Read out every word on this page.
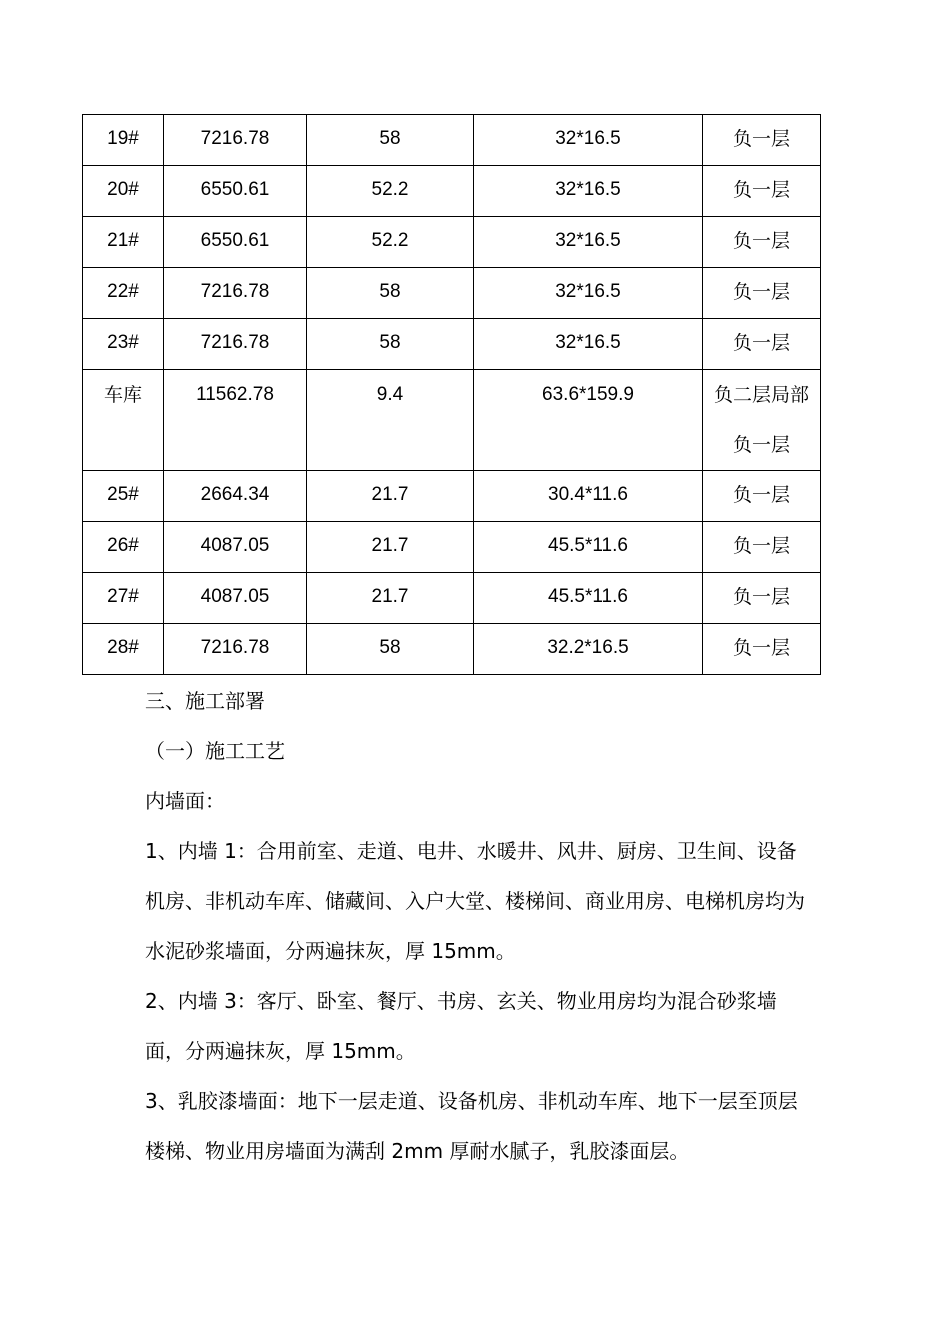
19#	7216.78	58	32*16.5	负一层
20#	6550.61	52.2	32*16.5	负一层
21#	6550.61	52.2	32*16.5	负一层
22#	7216.78	58	32*16.5	负一层
23#	7216.78	58	32*16.5	负一层
车库	11562.78	9.4	63.6*159.9	负二层局部负一层
25#	2664.34	21.7	30.4*11.6	负一层
26#	4087.05	21.7	45.5*11.6	负一层
27#	4087.05	21.7	45.5*11.6	负一层
28#	7216.78	58	32.2*16.5	负一层

三、施工部署

（一）施工工艺

内墙面：

1、内墙 1：合用前室、走道、电井、水暖井、风井、厨房、卫生间、设备机房、非机动车库、储藏间、入户大堂、楼梯间、商业用房、电梯机房均为水泥砂浆墙面，分两遍抹灰，厚 15mm。

2、内墙 3：客厅、卧室、餐厅、书房、玄关、物业用房均为混合砂浆墙面，分两遍抹灰，厚 15mm。

3、乳胶漆墙面：地下一层走道、设备机房、非机动车库、地下一层至顶层楼梯、物业用房墙面为满刮 2mm 厚耐水腻子，乳胶漆面层。
